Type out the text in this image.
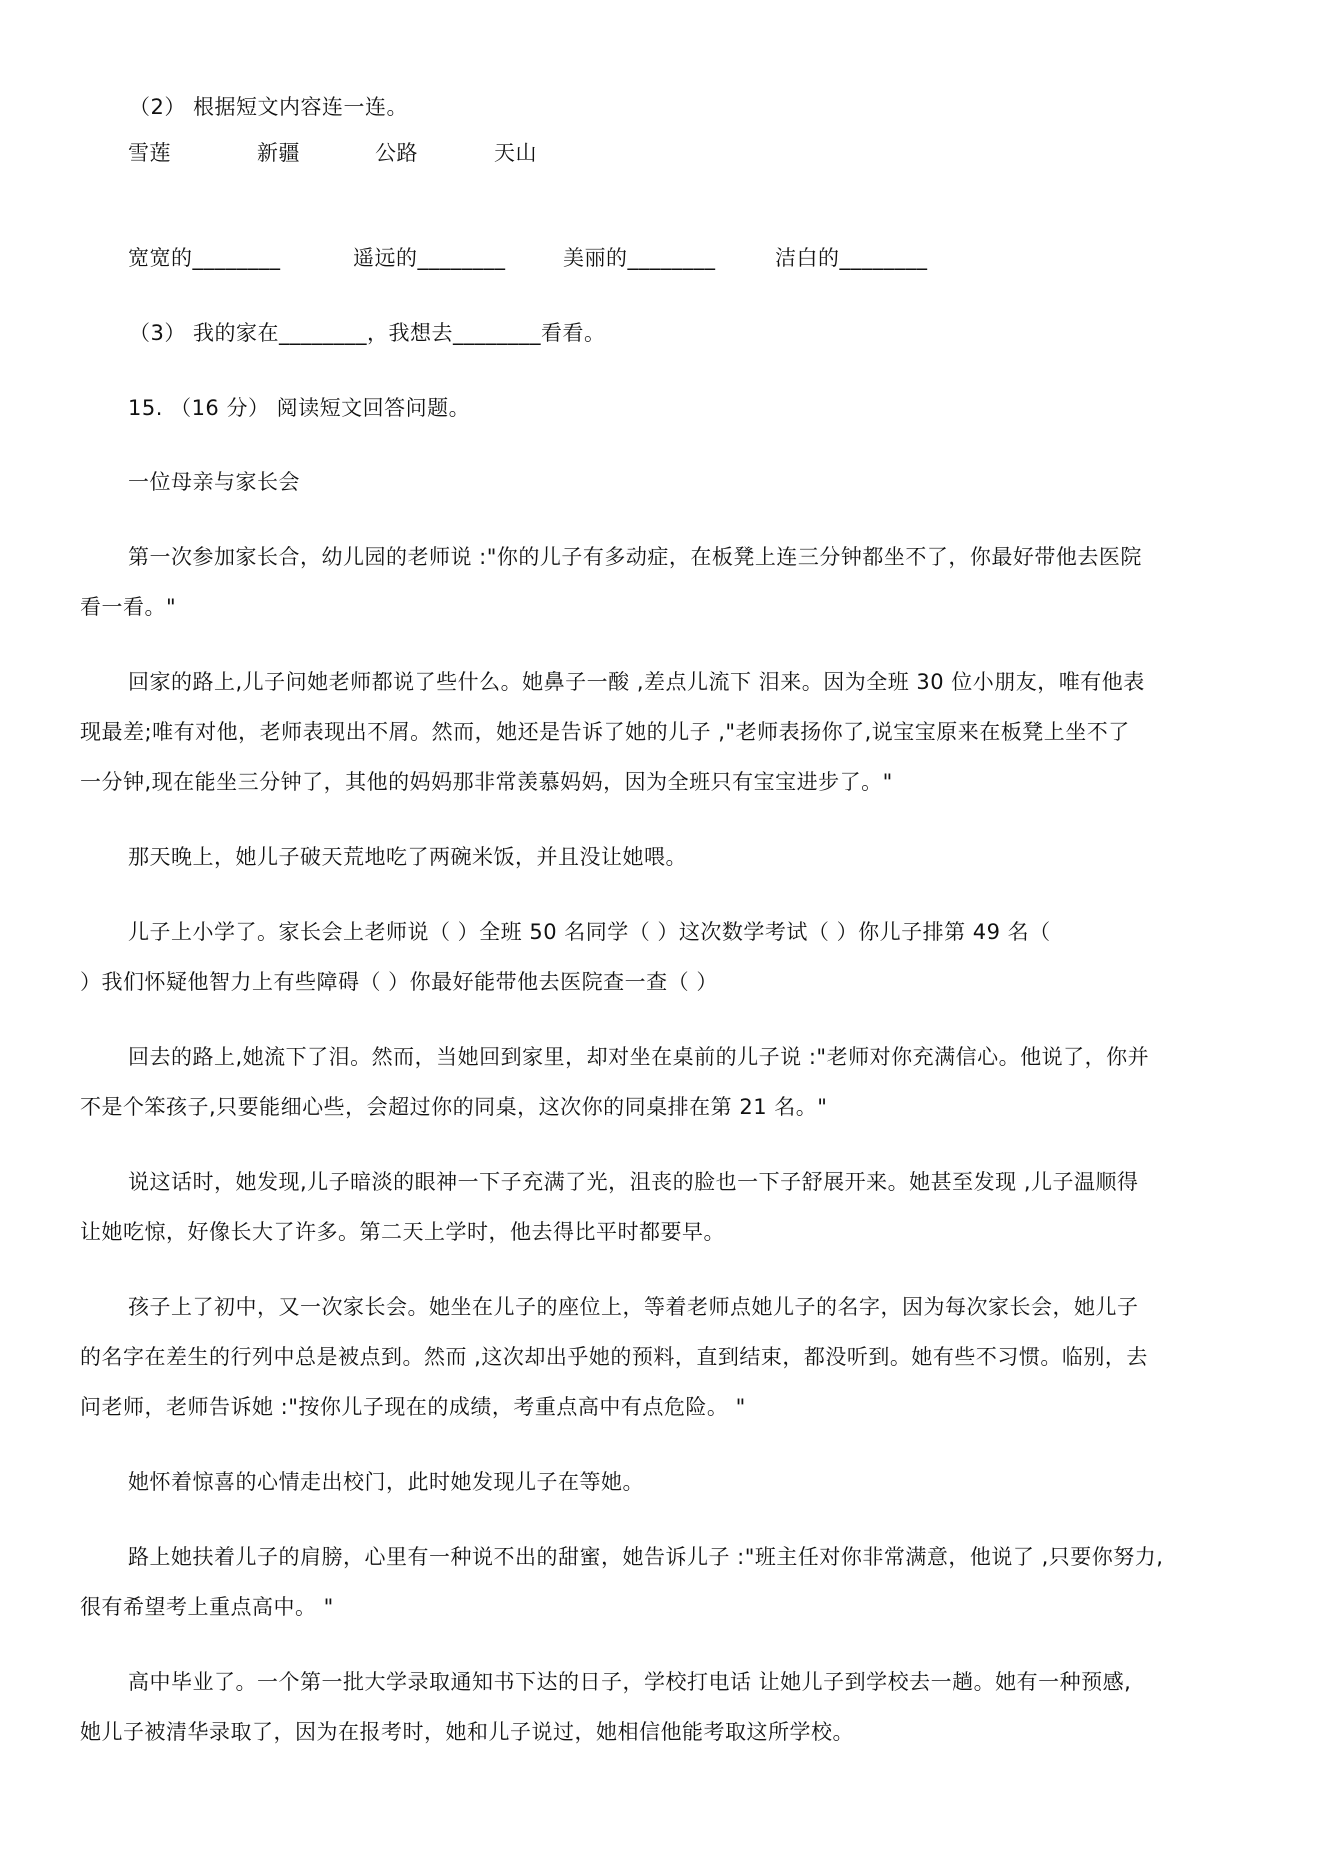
（2） 根据短文内容连一连。
雪莲	新疆	公路	天山
宽宽的________	遥远的________	美丽的________	洁白的________
（3） 我的家在________，我想去________看看。
15. （16 分） 阅读短文回答问题。
一位母亲与家长会
第一次参加家长合，幼儿园的老师说 :"你的儿子有多动症，在板凳上连三分钟都坐不了，你最好带他去医院
看一看。"
回家的路上,儿子问她老师都说了些什么。她鼻子一酸 ,差点儿流下 泪来。因为全班 30 位小朋友，唯有他表
现最差;唯有对他，老师表现出不屑。然而，她还是告诉了她的儿子 ,"老师表扬你了,说宝宝原来在板凳上坐不了
一分钟,现在能坐三分钟了，其他的妈妈那非常羡慕妈妈，因为全班只有宝宝进步了。"
那天晚上，她儿子破天荒地吃了两碗米饭，并且没让她喂。
儿子上小学了。家长会上老师说（ ）全班 50 名同学（ ）这次数学考试（ ）你儿子排第 49 名（
）我们怀疑他智力上有些障碍（ ）你最好能带他去医院查一查（ ）
回去的路上,她流下了泪。然而，当她回到家里，却对坐在桌前的儿子说 :"老师对你充满信心。他说了，你并
不是个笨孩子,只要能细心些，会超过你的同桌，这次你的同桌排在第 21 名。"
说这话时，她发现,儿子暗淡的眼神一下子充满了光，沮丧的脸也一下子舒展开来。她甚至发现 ,儿子温顺得
让她吃惊，好像长大了许多。第二天上学时，他去得比平时都要早。
孩子上了初中，又一次家长会。她坐在儿子的座位上，等着老师点她儿子的名字，因为每次家长会，她儿子
的名字在差生的行列中总是被点到。然而 ,这次却出乎她的预料，直到结束，都没听到。她有些不习惯。临别，去
问老师，老师告诉她 :"按你儿子现在的成绩，考重点高中有点危险。 "
她怀着惊喜的心情走出校门，此时她发现儿子在等她。
路上她扶着儿子的肩膀，心里有一种说不出的甜蜜，她告诉儿子 :"班主任对你非常满意，他说了 ,只要你努力,
很有希望考上重点高中。 "
高中毕业了。一个第一批大学录取通知书下达的日子，学校打电话 让她儿子到学校去一趟。她有一种预感,
她儿子被清华录取了，因为在报考时，她和儿子说过，她相信他能考取这所学校。
